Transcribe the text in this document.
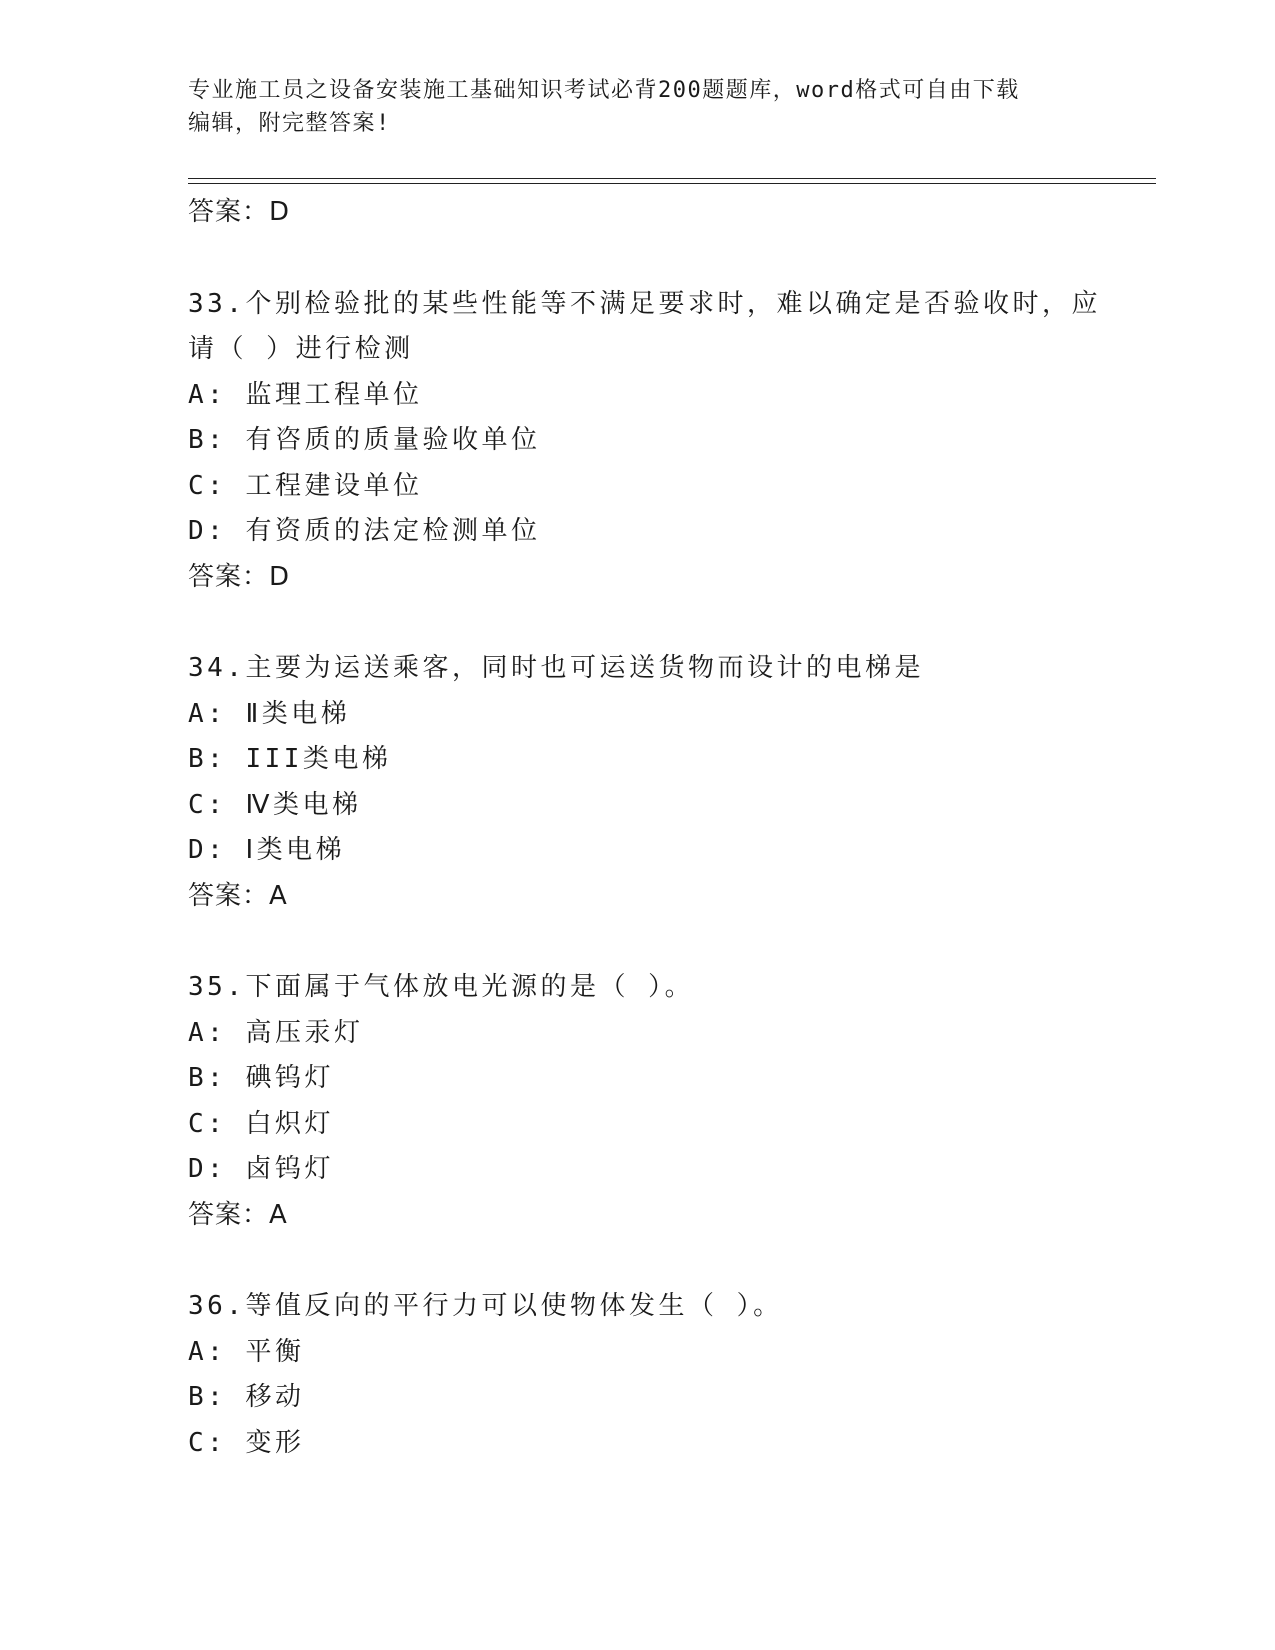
专业施工员之设备安装施工基础知识考试必背200题题库，word格式可自由下载
编辑，附完整答案!
答案：D
33.个别检验批的某些性能等不满足要求时，难以确定是否验收时，应
请（ ）进行检测
A: 监理工程单位
B: 有咨质的质量验收单位
C: 工程建设单位
D: 有资质的法定检测单位
答案：D
34.主要为运送乘客，同时也可运送货物而设计的电梯是
A: Ⅱ类电梯
B: III类电梯
C: Ⅳ类电梯
D: Ⅰ类电梯
答案：A
35.下面属于气体放电光源的是（ ）。
A: 高压汞灯
B: 碘钨灯
C: 白炽灯
D: 卤钨灯
答案：A
36.等值反向的平行力可以使物体发生（ ）。
A: 平衡
B: 移动
C: 变形
